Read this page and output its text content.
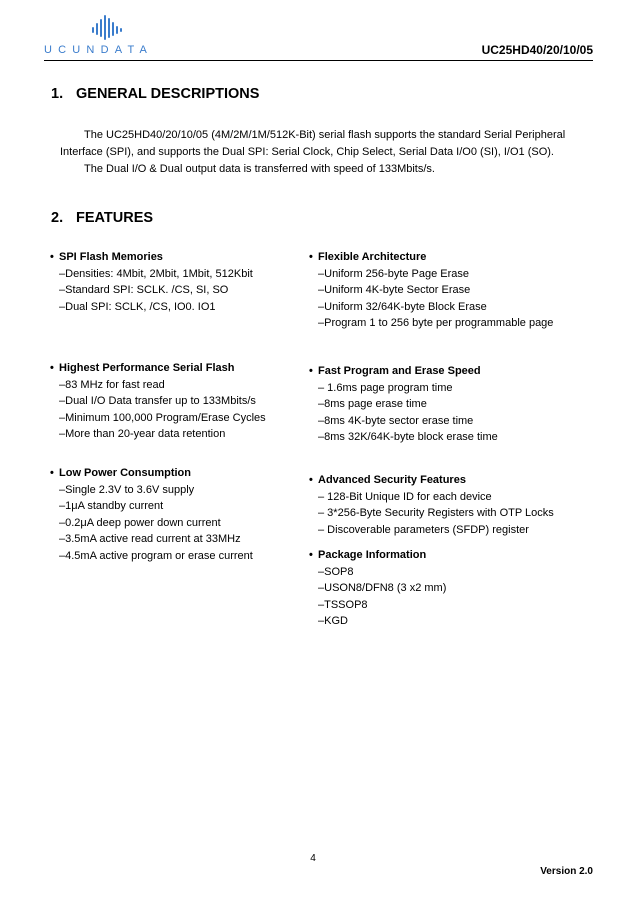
UCUNDATA	UC25HD40/20/10/05
1. GENERAL DESCRIPTIONS

The UC25HD40/20/10/05 (4M/2M/1M/512K-Bit) serial flash supports the standard Serial Peripheral Interface (SPI), and supports the Dual SPI: Serial Clock, Chip Select, Serial Data I/O0 (SI), I/O1 (SO).

The Dual I/O & Dual output data is transferred with speed of 133Mbits/s.

2. FEATURES
• SPI Flash Memories
–Densities: 4Mbit, 2Mbit, 1Mbit, 512Kbit
–Standard SPI: SCLK. /CS, SI, SO
–Dual SPI: SCLK, /CS, IO0. IO1
• Highest Performance Serial Flash
–83 MHz for fast read
–Dual I/O Data transfer up to 133Mbits/s
–Minimum 100,000 Program/Erase Cycles
–More than 20-year data retention
• Low Power Consumption
–Single 2.3V to 3.6V supply
–1μA standby current
–0.2μA deep power down current
–3.5mA active read current at 33MHz
–4.5mA active program or erase current
• Flexible Architecture
–Uniform 256-byte Page Erase
–Uniform 4K-byte Sector Erase
–Uniform 32/64K-byte Block Erase
–Program 1 to 256 byte per programmable page
• Fast Program and Erase Speed
– 1.6ms page program time
–8ms page erase time
–8ms 4K-byte sector erase time
–8ms 32K/64K-byte block erase time
• Advanced Security Features
– 128-Bit Unique ID for each device
– 3*256-Byte Security Registers with OTP Locks
– Discoverable parameters (SFDP) register
• Package Information
–SOP8
–USON8/DFN8 (3 x2 mm)
–TSSOP8
–KGD
4
Version 2.0
